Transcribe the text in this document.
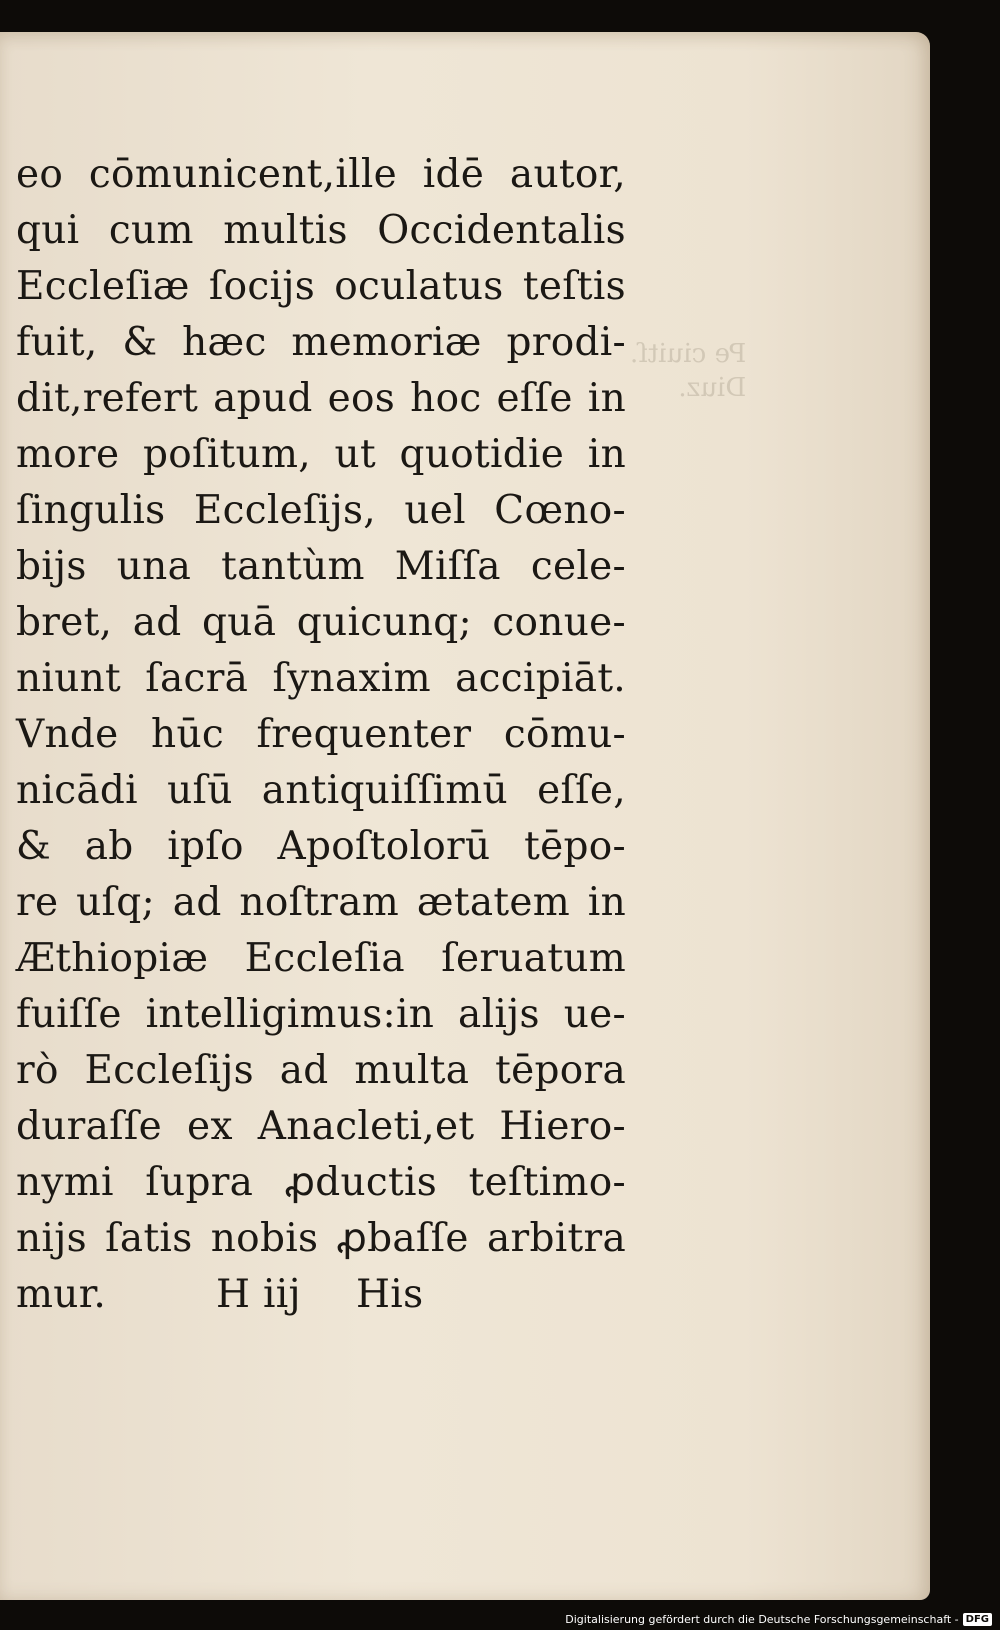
Pe ciuitſ.
Diuz.
eo cōmunicent,ille idē autor,
qui cum multis Occidentalis
Eccleſiæ ſocijs oculatus teſtis
fuit, & hæc memoriæ prodi-
dit,refert apud eos hoc eſſe in
more poſitum, ut quotidie in
ſingulis Eccleſijs, uel Cœno-
bijs una tantùm Miſſa cele-
bret, ad quā quicunq; conue-
niunt ſacrā ſynaxim accipiāt.
Vnde hūc frequenter cōmu-
nicādi uſū antiquiſſimū eſſe,
& ab ipſo Apoſtolorū tēpo-
re uſq; ad noſtram ætatem in
Æthiopiæ Eccleſia ſeruatum
fuiſſe intelligimus:in alijs ue-
rò Eccleſijs ad multa tēpora
duraſſe ex Anacleti,et Hiero-
nymi ſupra ꝓductis teſtimo-
nijs ſatis nobis ꝓbaſſe arbitra
mur.	H iij His
Digitalisierung gefördert durch die Deutsche Forschungsgemeinschaft - DFG
